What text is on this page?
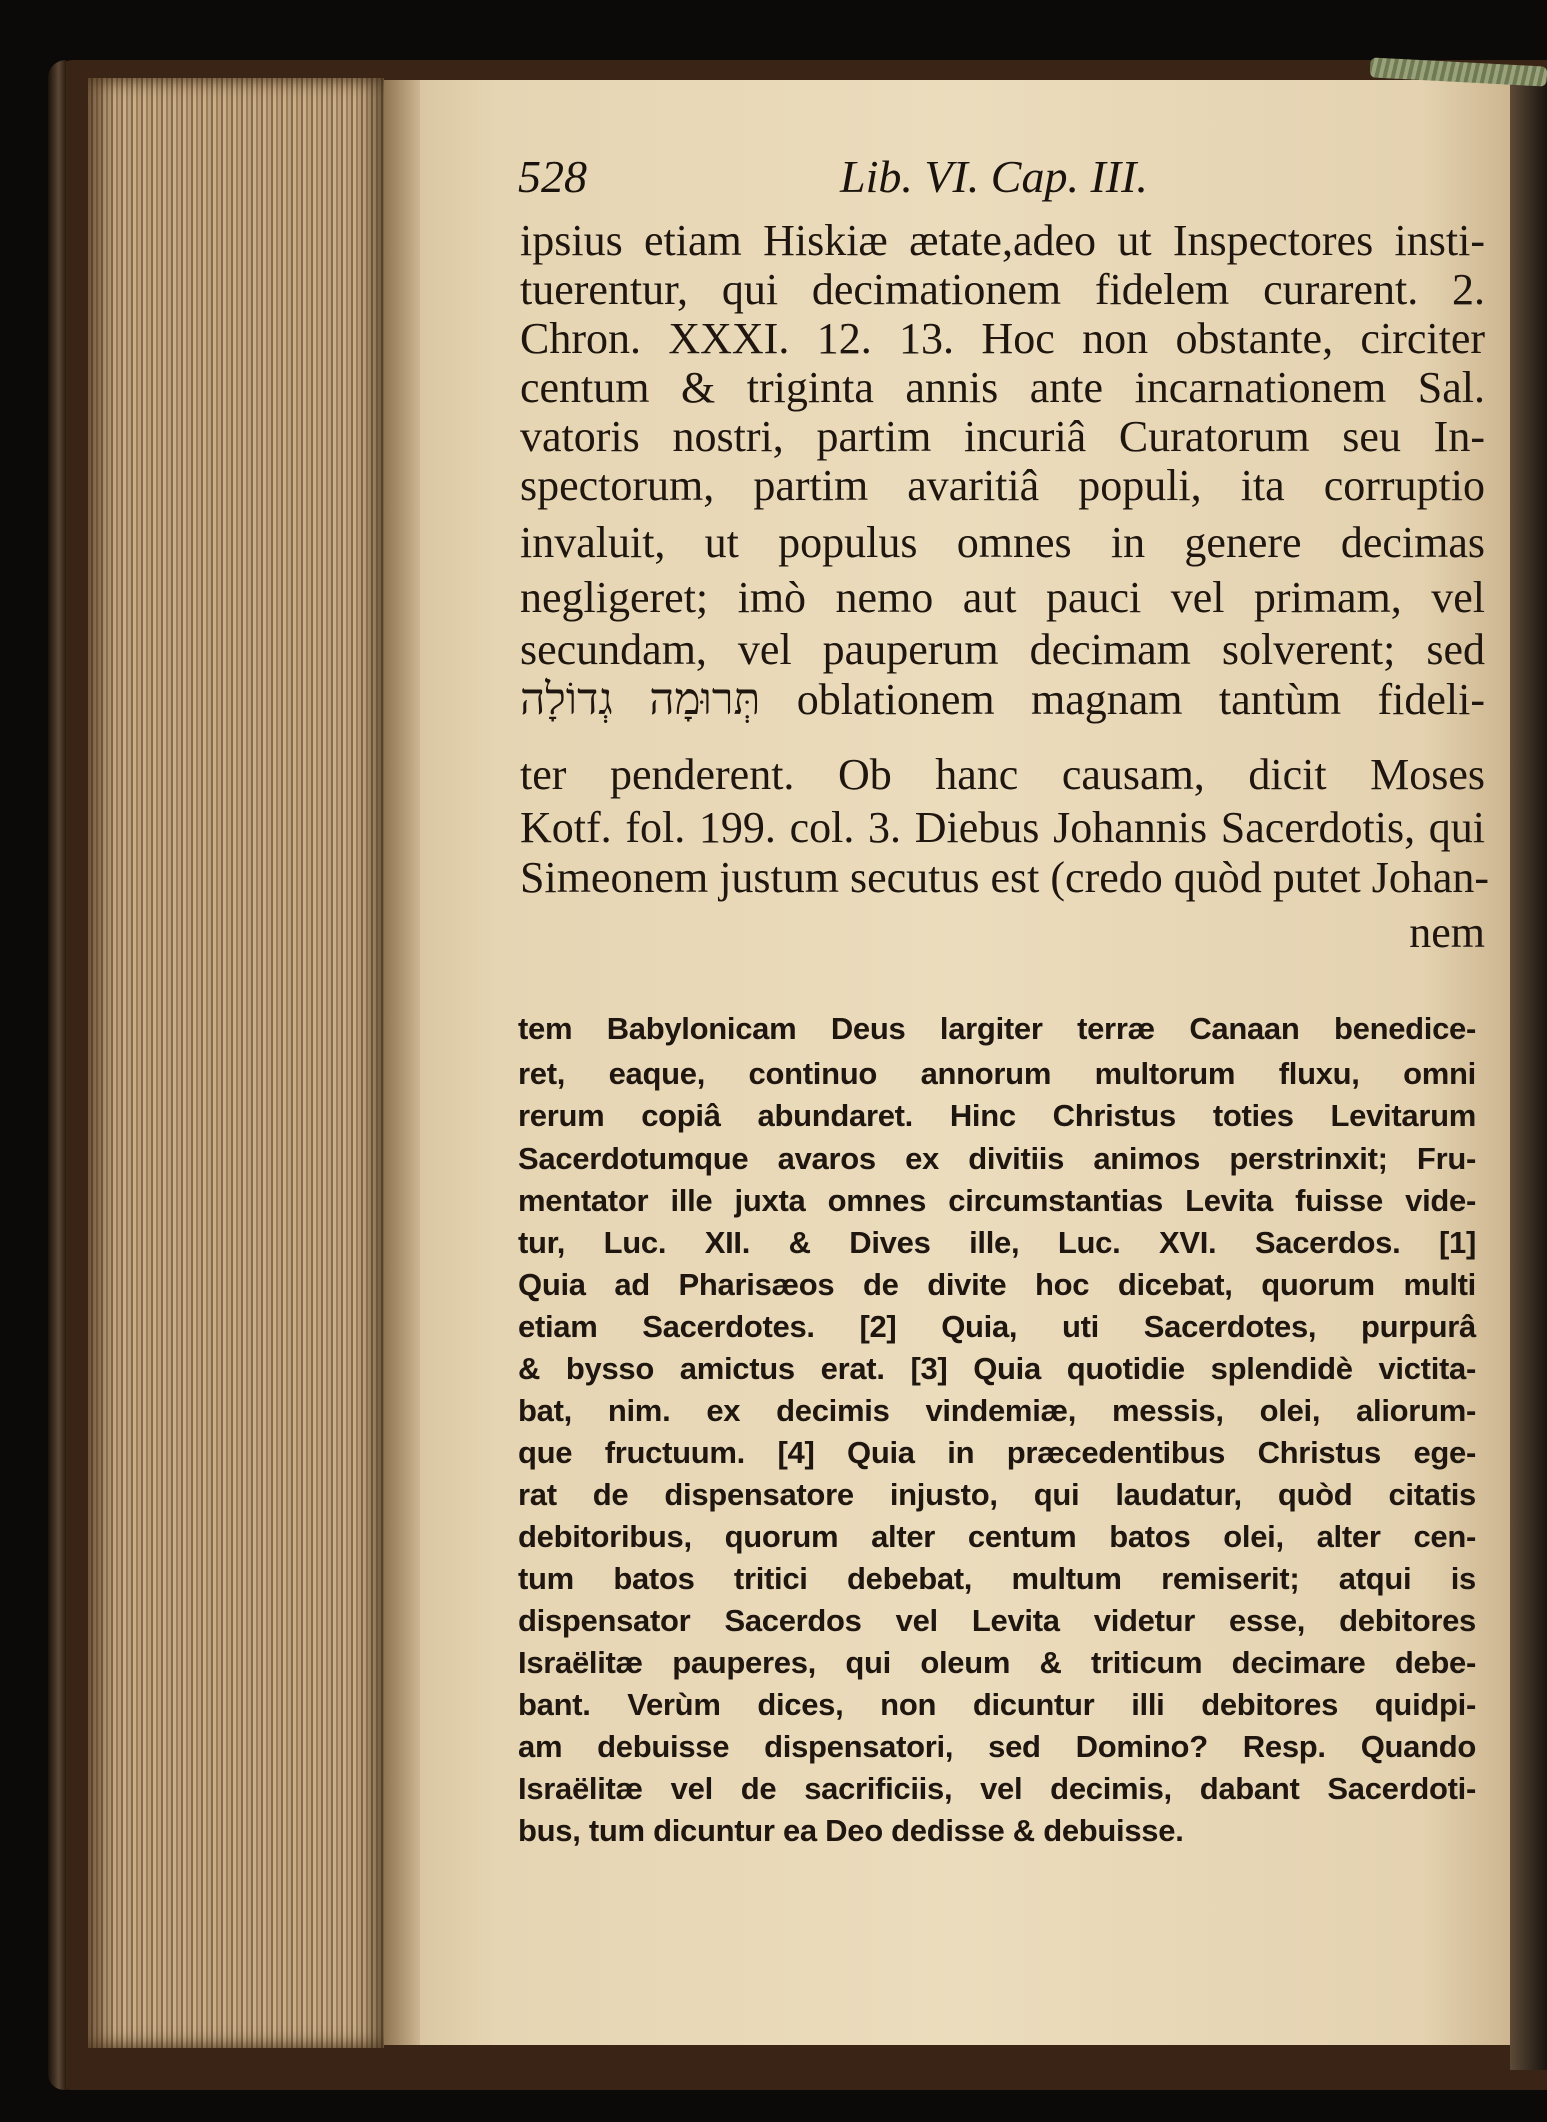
528	Lib. VI. Cap. III.
ipsius etiam Hiskiæ ætate,adeo ut Inspectores insti-
tuerentur, qui decimationem fidelem curarent. 2.
Chron. XXXI. 12. 13. Hoc non obstante, circiter
centum & triginta annis ante incarnationem Sal.
vatoris nostri, partim incuriâ Curatorum seu In-
spectorum, partim avaritiâ populi, ita corruptio
invaluit, ut populus omnes in genere decimas
negligeret; imò nemo aut pauci vel primam, vel
secundam, vel pauperum decimam solverent; sed
תְּרוּמָה גְדוֹלָה oblationem magnam tantùm fideli-
ter penderent. Ob hanc causam, dicit Moses
Kotf. fol. 199. col. 3. Diebus Johannis Sacerdotis, qui
Simeonem justum secutus est (credo quòd putet Johan-
nem
tem Babylonicam Deus largiter terræ Canaan benedice-
ret, eaque, continuo annorum multorum fluxu, omni
rerum copiâ abundaret. Hinc Christus toties Levitarum
Sacerdotumque avaros ex divitiis animos perstrinxit; Fru-
mentator ille juxta omnes circumstantias Levita fuisse vide-
tur, Luc. XII. & Dives ille, Luc. XVI. Sacerdos. [1]
Quia ad Pharisæos de divite hoc dicebat, quorum multi
etiam Sacerdotes. [2] Quia, uti Sacerdotes, purpurâ
& bysso amictus erat. [3] Quia quotidie splendidè victita-
bat, nim. ex decimis vindemiæ, messis, olei, aliorum-
que fructuum. [4] Quia in præcedentibus Christus ege-
rat de dispensatore injusto, qui laudatur, quòd citatis
debitoribus, quorum alter centum batos olei, alter cen-
tum batos tritici debebat, multum remiserit; atqui is
dispensator Sacerdos vel Levita videtur esse, debitores
Israëlitæ pauperes, qui oleum & triticum decimare debe-
bant. Verùm dices, non dicuntur illi debitores quidpi-
am debuisse dispensatori, sed Domino? Resp. Quando
Israëlitæ vel de sacrificiis, vel decimis, dabant Sacerdoti-
bus, tum dicuntur ea Deo dedisse & debuisse.
